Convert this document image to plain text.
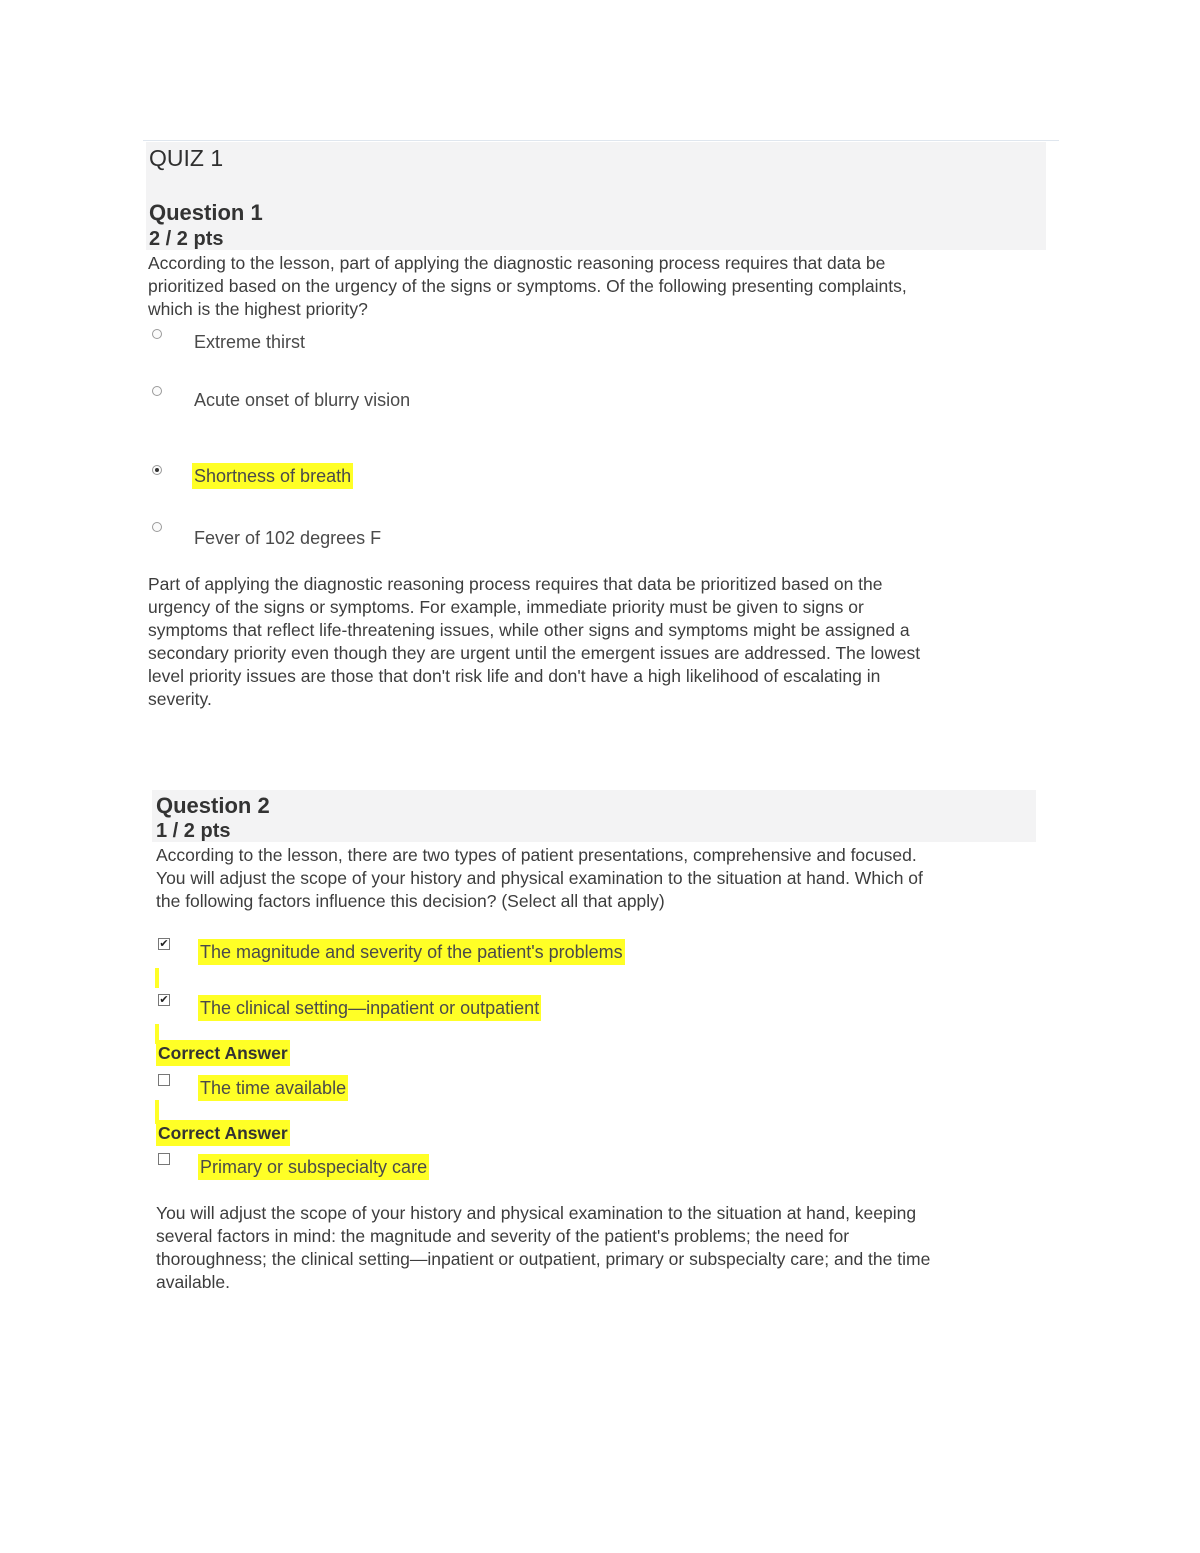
QUIZ 1
Question 1
2 / 2 pts
According to the lesson, part of applying the diagnostic reasoning process requires that data be
prioritized based on the urgency of the signs or symptoms. Of the following presenting complaints,
which is the highest priority?
Extreme thirst
Acute onset of blurry vision
Shortness of breath
Fever of 102 degrees F
Part of applying the diagnostic reasoning process requires that data be prioritized based on the
urgency of the signs or symptoms. For example, immediate priority must be given to signs or
symptoms that reflect life-threatening issues, while other signs and symptoms might be assigned a
secondary priority even though they are urgent until the emergent issues are addressed. The lowest
level priority issues are those that don't risk life and don't have a high likelihood of escalating in
severity.
Question 2
1 / 2 pts
According to the lesson, there are two types of patient presentations, comprehensive and focused.
You will adjust the scope of your history and physical examination to the situation at hand. Which of
the following factors influence this decision? (Select all that apply)
✔ The magnitude and severity of the patient's problems
✔ The clinical setting—inpatient or outpatient
Correct Answer
The time available
Correct Answer
Primary or subspecialty care
You will adjust the scope of your history and physical examination to the situation at hand, keeping
several factors in mind: the magnitude and severity of the patient's problems; the need for
thoroughness; the clinical setting—inpatient or outpatient, primary or subspecialty care; and the time
available.
